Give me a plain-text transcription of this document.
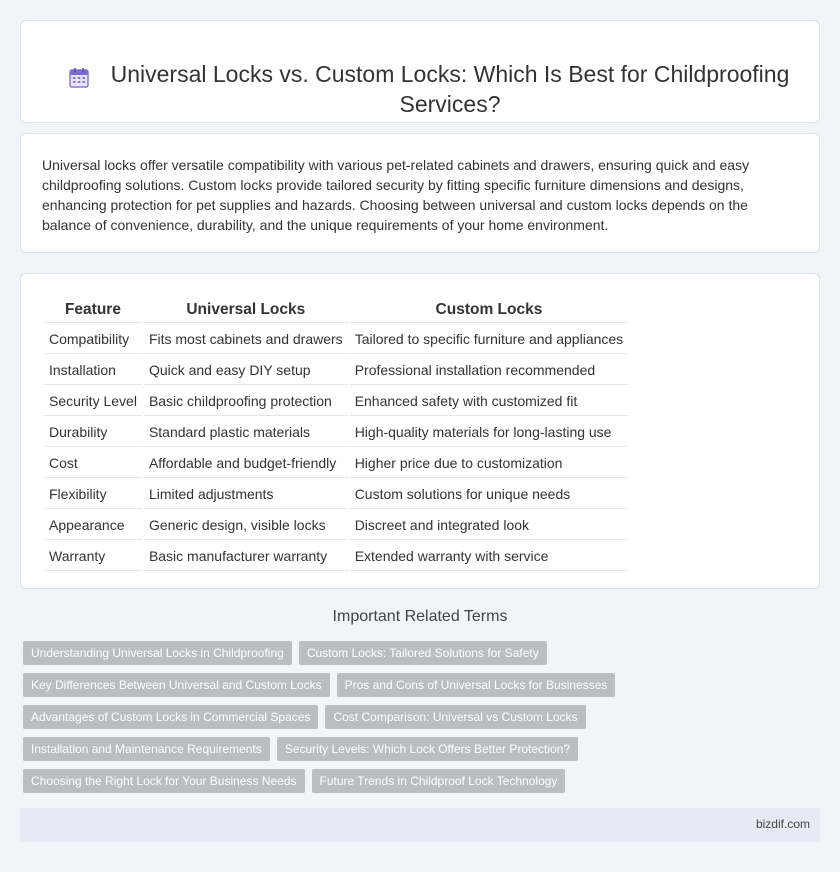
Universal Locks vs. Custom Locks: Which Is Best for Childproofing Services?

Universal locks offer versatile compatibility with various pet-related cabinets and drawers, ensuring quick and easy childproofing solutions. Custom locks provide tailored security by fitting specific furniture dimensions and designs, enhancing protection for pet supplies and hazards. Choosing between universal and custom locks depends on the balance of convenience, durability, and the unique requirements of your home environment.

Feature	Universal Locks	Custom Locks
Compatibility	Fits most cabinets and drawers	Tailored to specific furniture and appliances
Installation	Quick and easy DIY setup	Professional installation recommended
Security Level	Basic childproofing protection	Enhanced safety with customized fit
Durability	Standard plastic materials	High-quality materials for long-lasting use
Cost	Affordable and budget-friendly	Higher price due to customization
Flexibility	Limited adjustments	Custom solutions for unique needs
Appearance	Generic design, visible locks	Discreet and integrated look
Warranty	Basic manufacturer warranty	Extended warranty with service
Important Related Terms
Understanding Universal Locks in Childproofing	Custom Locks: Tailored Solutions for Safety
Key Differences Between Universal and Custom Locks	Pros and Cons of Universal Locks for Businesses
Advantages of Custom Locks in Commercial Spaces	Cost Comparison: Universal vs Custom Locks
Installation and Maintenance Requirements	Security Levels: Which Lock Offers Better Protection?
Choosing the Right Lock for Your Business Needs	Future Trends in Childproof Lock Technology
bizdif.com
